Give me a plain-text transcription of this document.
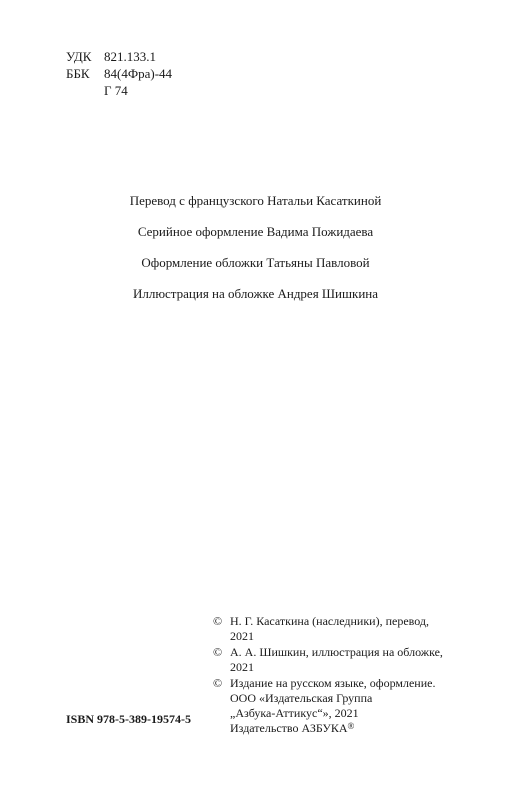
УДК 821.133.1
ББК	84(4Фра)-44
Г 74
Перевод с французского Натальи Касаткиной
Серийное оформление Вадима Пожидаева
Оформление обложки Татьяны Павловой
Иллюстрация на обложке Андрея Шишкина
© Н. Г. Касаткина (наследники), перевод,
2021
© А. А. Шишкин, иллюстрация на обложке,
2021
© Издание на русском языке, оформление.
ООО «Издательская Группа
„Азбука-Аттикус“», 2021
Издательство АЗБУКА®
ISBN 978-5-389-19574-5
